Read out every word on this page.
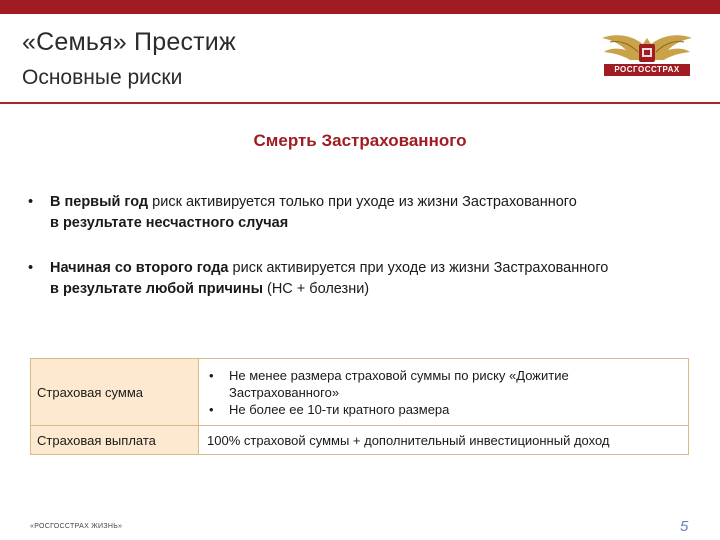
«Семья» Престиж
Основные риски	РОСГОССТРАХ
Смерть Застрахованного
• В первый год риск активируется только при уходе из жизни Застрахованного
в результате несчастного случая
• Начиная со второго года риск активируется при уходе из жизни Застрахованного
в результате любой причины (НС + болезни)
Страховая сумма	• Не менее размера страховой суммы по риску «Дожитие Застрахованного»
• Не более ее 10-ти кратного размера

Страховая выплата	100% страховой суммы + дополнительный инвестиционный доход
«РОСГОССТРАХ ЖИЗНЬ»	5
